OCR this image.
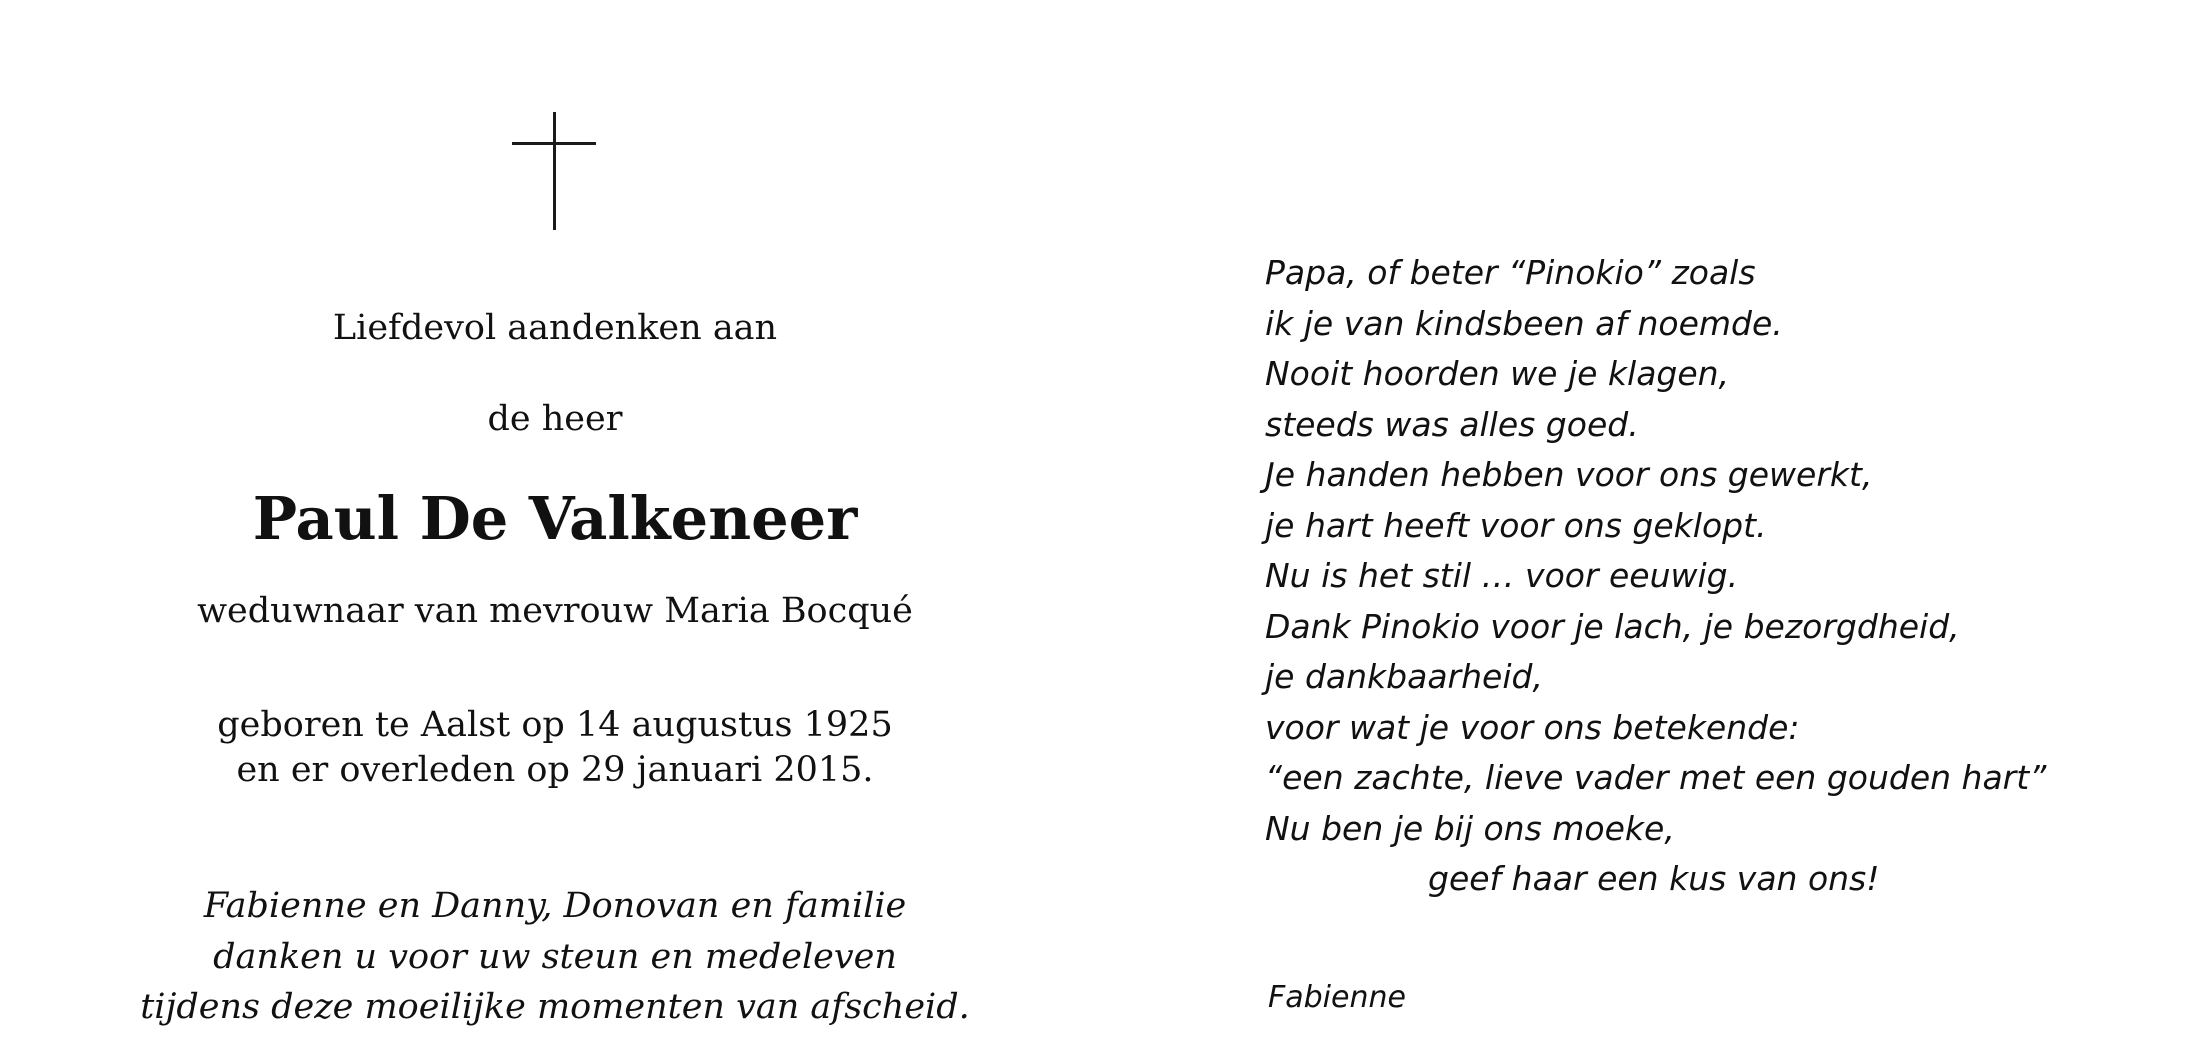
Liefdevol aandenken aan
de heer
Paul De Valkeneer
weduwnaar van mevrouw Maria Bocqué
geboren te Aalst op 14 augustus 1925
en er overleden op 29 januari 2015.
Fabienne en Danny, Donovan en familie
danken u voor uw steun en medeleven
tijdens deze moeilijke momenten van afscheid.
Papa, of beter “Pinokio” zoals
ik je van kindsbeen af noemde.
Nooit hoorden we je klagen,
steeds was alles goed.
Je handen hebben voor ons gewerkt,
je hart heeft voor ons geklopt.
Nu is het stil … voor eeuwig.
Dank Pinokio voor je lach, je bezorgdheid,
je dankbaarheid,
voor wat je voor ons betekende:
“een zachte, lieve vader met een gouden hart”
Nu ben je bij ons moeke,
geef haar een kus van ons!
Fabienne
